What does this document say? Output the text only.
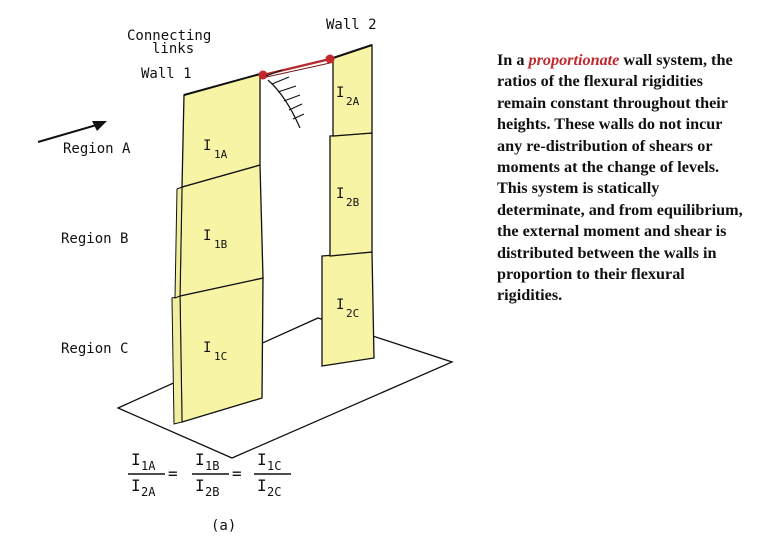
Connecting
links
Wall 1
Wall 2
Region A
Region B
Region C
I
1A
I
1B
I
1C
I
2A
I
2B
I
2C
I 1A
I 2A
=
I 1B
I 2B
=
I 1C
I 2C
(a)

In a proportionate wall system, the ratios of the flexural rigidities remain constant throughout their heights. These walls do not incur any re-distribution of shears or moments at the change of levels. This system is statically determinate, and from equilibrium, the external moment and shear is distributed between the walls in proportion to their flexural rigidities.
